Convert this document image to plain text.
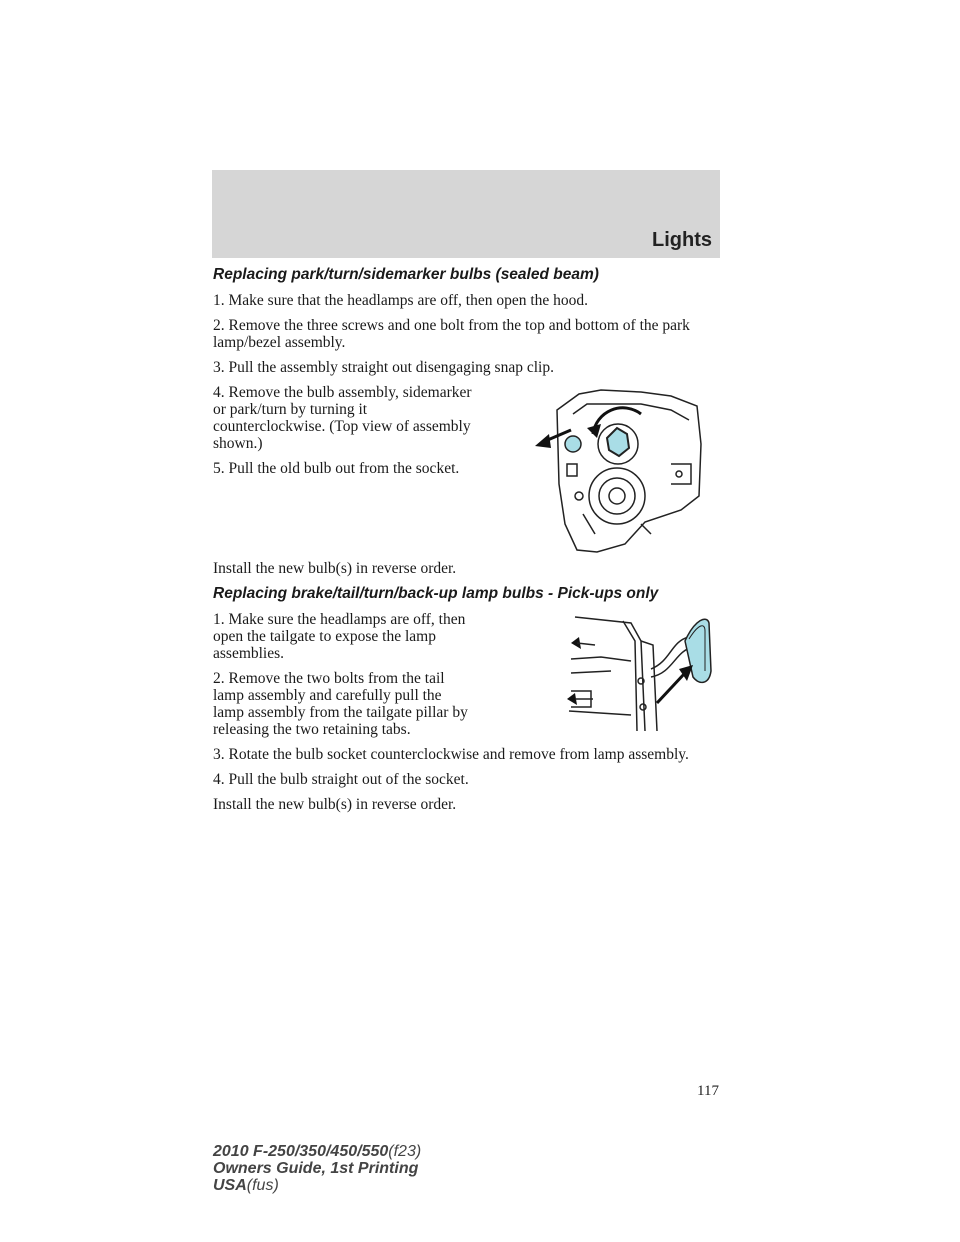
Lights

Replacing park/turn/sidemarker bulbs (sealed beam)

1. Make sure that the headlamps are off, then open the hood.

2. Remove the three screws and one bolt from the top and bottom of the park lamp/bezel assembly.

3. Pull the assembly straight out disengaging snap clip.

4. Remove the bulb assembly, sidemarker or park/turn by turning it counterclockwise. (Top view of assembly shown.)

5. Pull the old bulb out from the socket.

Install the new bulb(s) in reverse order.

Replacing brake/tail/turn/back-up lamp bulbs - Pick-ups only

1. Make sure the headlamps are off, then open the tailgate to expose the lamp assemblies.

2. Remove the two bolts from the tail lamp assembly and carefully pull the lamp assembly from the tailgate pillar by releasing the two retaining tabs.

3. Rotate the bulb socket counterclockwise and remove from lamp assembly.

4. Pull the bulb straight out of the socket.

Install the new bulb(s) in reverse order.

117
2010 F-250/350/450/550(f23)
Owners Guide, 1st Printing
USA(fus)
